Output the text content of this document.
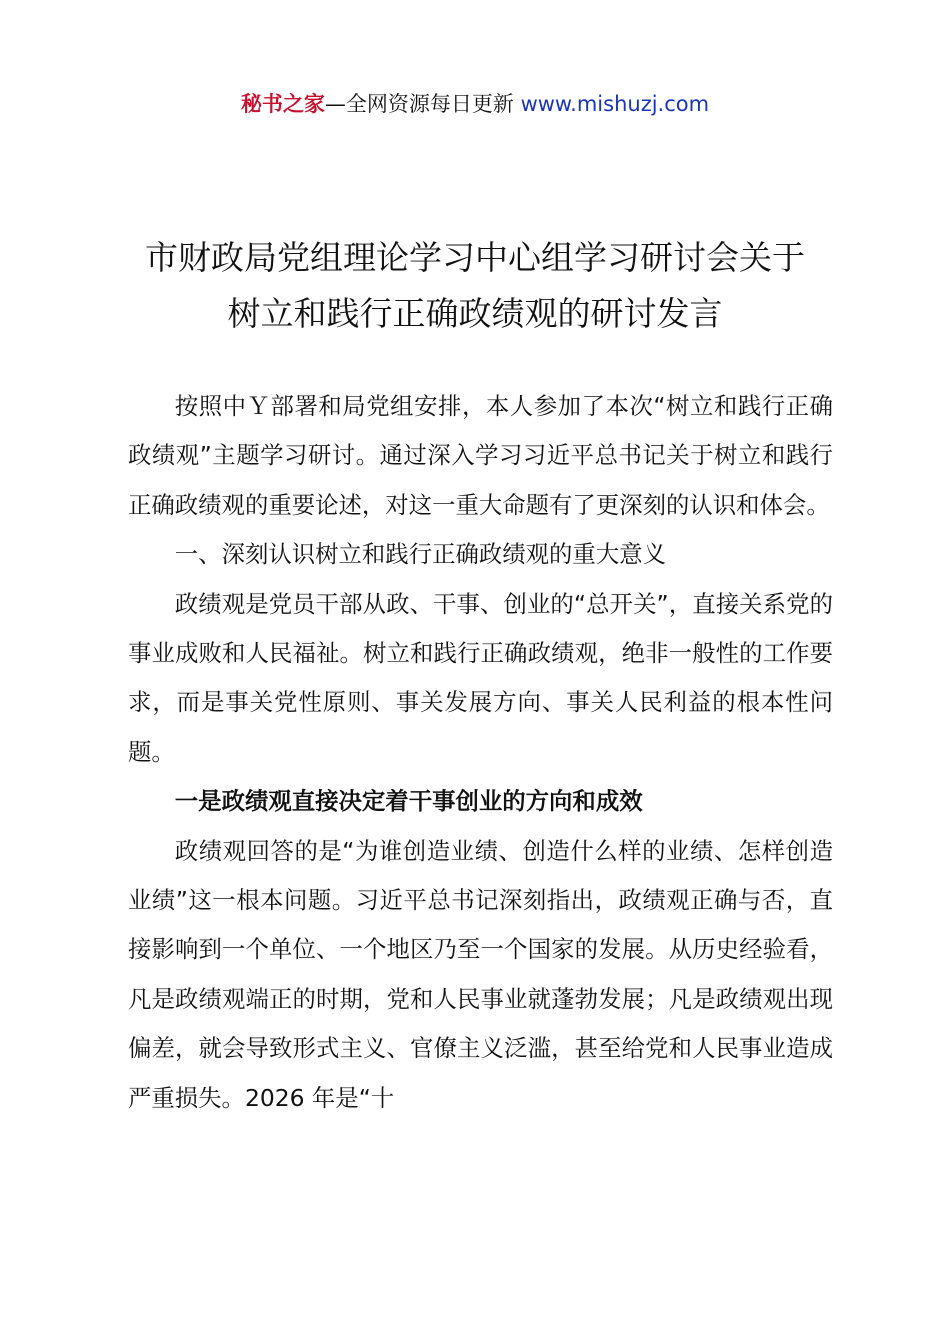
秘书之家—全网资源每日更新 www.mishuzj.com
市财政局党组理论学习中心组学习研讨会关于
树立和践行正确政绩观的研讨发言

按照中Ｙ部署和局党组安排，本人参加了本次“树立和践行正确政绩观”主题学习研讨。通过深入学习习近平总书记关于树立和践行正确政绩观的重要论述，对这一重大命题有了更深刻的认识和体会。

一、深刻认识树立和践行正确政绩观的重大意义

政绩观是党员干部从政、干事、创业的“总开关”，直接关系党的事业成败和人民福祉。树立和践行正确政绩观，绝非一般性的工作要求，而是事关党性原则、事关发展方向、事关人民利益的根本性问题。

一是政绩观直接决定着干事创业的方向和成效

政绩观回答的是“为谁创造业绩、创造什么样的业绩、怎样创造业绩”这一根本问题。习近平总书记深刻指出，政绩观正确与否，直接影响到一个单位、一个地区乃至一个国家的发展。从历史经验看，凡是政绩观端正的时期，党和人民事业就蓬勃发展；凡是政绩观出现偏差，就会导致形式主义、官僚主义泛滥，甚至给党和人民事业造成严重损失。2026 年是“十
